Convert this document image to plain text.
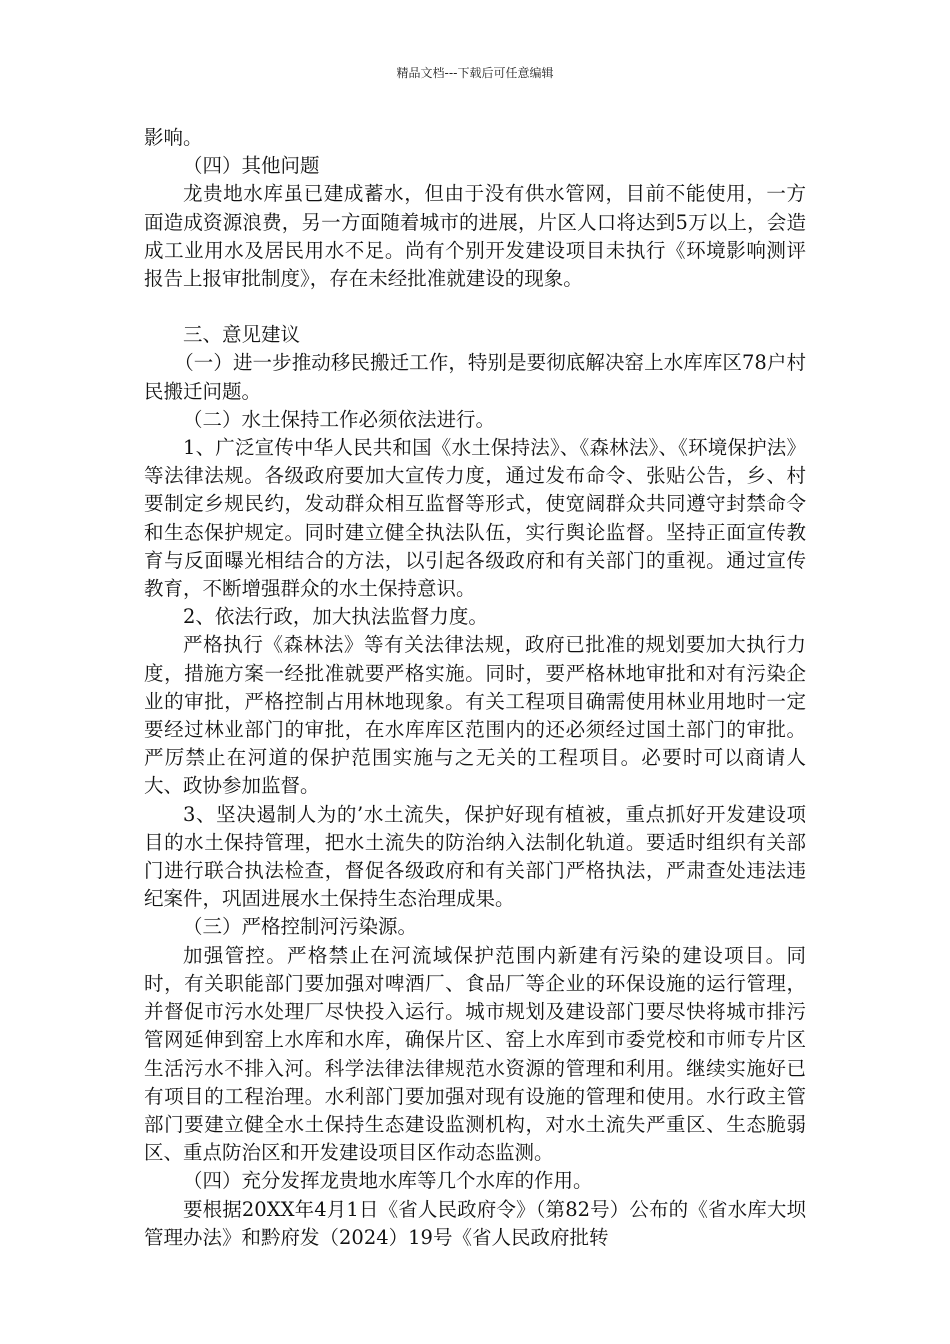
精品文档---下载后可任意编辑

影响。

（四）其他问题

龙贵地水库虽已建成蓄水，但由于没有供水管网，目前不能使用，一方面造成资源浪费，另一方面随着城市的进展，片区人口将达到5万以上，会造成工业用水及居民用水不足。尚有个别开发建设项目未执行《环境影响测评报告上报审批制度》，存在未经批准就建设的现象。

三、意见建议

（一）进一步推动移民搬迁工作，特别是要彻底解决窑上水库库区78户村民搬迁问题。

（二）水土保持工作必须依法进行。

1、广泛宣传中华人民共和国《水土保持法》、《森林法》、《环境保护法》等法律法规。各级政府要加大宣传力度，通过发布命令、张贴公告，乡、村要制定乡规民约，发动群众相互监督等形式，使宽阔群众共同遵守封禁命令和生态保护规定。同时建立健全执法队伍，实行舆论监督。坚持正面宣传教育与反面曝光相结合的方法，以引起各级政府和有关部门的重视。通过宣传教育，不断增强群众的水土保持意识。

2、依法行政，加大执法监督力度。

严格执行《森林法》等有关法律法规，政府已批准的规划要加大执行力度，措施方案一经批准就要严格实施。同时，要严格林地审批和对有污染企业的审批，严格控制占用林地现象。有关工程项目确需使用林业用地时一定要经过林业部门的审批，在水库库区范围内的还必须经过国土部门的审批。严厉禁止在河道的保护范围实施与之无关的工程项目。必要时可以商请人大、政协参加监督。

3、坚决遏制人为的’水土流失，保护好现有植被，重点抓好开发建设项目的水土保持管理，把水土流失的防治纳入法制化轨道。要适时组织有关部门进行联合执法检查，督促各级政府和有关部门严格执法，严肃查处违法违纪案件，巩固进展水土保持生态治理成果。

（三）严格控制河污染源。

加强管控。严格禁止在河流域保护范围内新建有污染的建设项目。同时，有关职能部门要加强对啤酒厂、食品厂等企业的环保设施的运行管理，并督促市污水处理厂尽快投入运行。城市规划及建设部门要尽快将城市排污管网延伸到窑上水库和水库，确保片区、窑上水库到市委党校和市师专片区生活污水不排入河。科学法律法律规范水资源的管理和利用。继续实施好已有项目的工程治理。水利部门要加强对现有设施的管理和使用。水行政主管部门要建立健全水土保持生态建设监测机构，对水土流失严重区、生态脆弱区、重点防治区和开发建设项目区作动态监测。

（四）充分发挥龙贵地水库等几个水库的作用。

要根据20XX年4月1日《省人民政府令》（第82号）公布的《省水库大坝管理办法》和黔府发（2024）19号《省人民政府批转
